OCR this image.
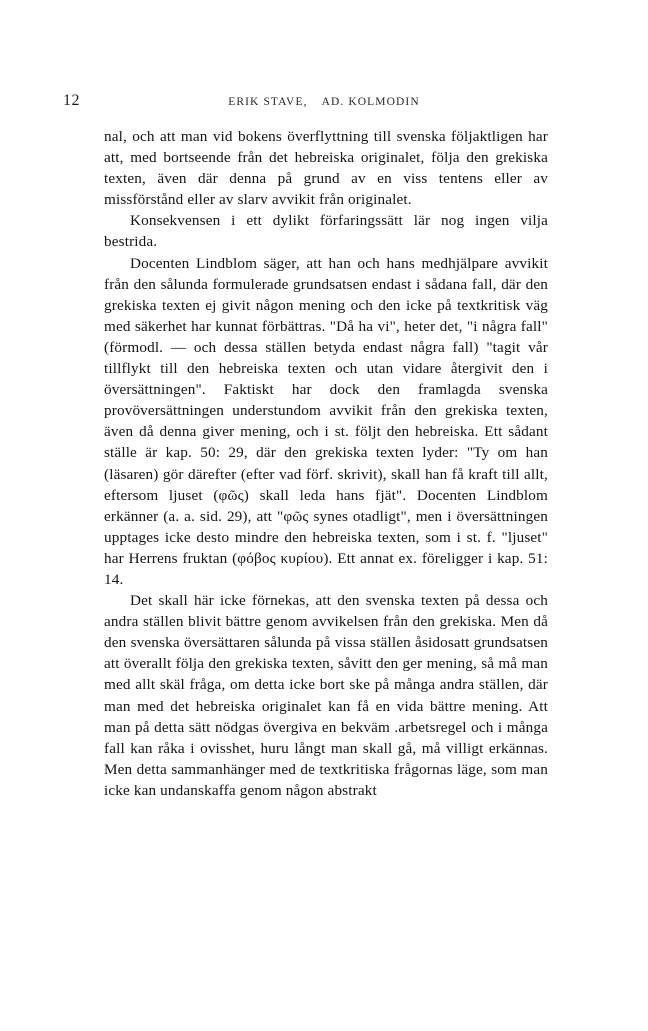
12	ERIK STAVE, AD. KOLMODIN

nal, och att man vid bokens överflyttning till svenska följaktligen har att, med bortseende från det hebreiska originalet, följa den grekiska texten, även där denna på grund av en viss tentens eller av missförstånd eller av slarv avvikit från originalet.

Konsekvensen i ett dylikt förfaringssätt lär nog ingen vilja bestrida.

Docenten Lindblom säger, att han och hans medhjälpare avvikit från den sålunda formulerade grundsatsen endast i sådana fall, där den grekiska texten ej givit någon mening och den icke på textkritisk väg med säkerhet har kunnat förbättras. "Då ha vi", heter det, "i några fall" (förmodl. — och dessa ställen betyda endast några fall) "tagit vår tillflykt till den hebreiska texten och utan vidare återgivit den i översättningen". Faktiskt har dock den framlagda svenska provöversättningen understundom avvikit från den grekiska texten, även då denna giver mening, och i st. följt den hebreiska. Ett sådant ställe är kap. 50: 29, där den grekiska texten lyder: "Ty om han (läsaren) gör därefter (efter vad förf. skrivit), skall han få kraft till allt, eftersom ljuset (φῶς) skall leda hans fjät". Docenten Lindblom erkänner (a. a. sid. 29), att "φῶς synes otadligt", men i översättningen upptages icke desto mindre den hebreiska texten, som i st. f. "ljuset" har Herrens fruktan (φόβος κυρίου). Ett annat ex. föreligger i kap. 51: 14.

Det skall här icke förnekas, att den svenska texten på dessa och andra ställen blivit bättre genom avvikelsen från den grekiska. Men då den svenska översättaren sålunda på vissa ställen åsidosatt grundsatsen att överallt följa den grekiska texten, såvitt den ger mening, så må man med allt skäl fråga, om detta icke bort ske på många andra ställen, där man med det hebreiska originalet kan få en vida bättre mening. Att man på detta sätt nödgas övergiva en bekväm .arbetsregel och i många fall kan råka i ovisshet, huru långt man skall gå, må villigt erkännas. Men detta sammanhänger med de textkritiska frågornas läge, som man icke kan undanskaffa genom någon abstrakt
